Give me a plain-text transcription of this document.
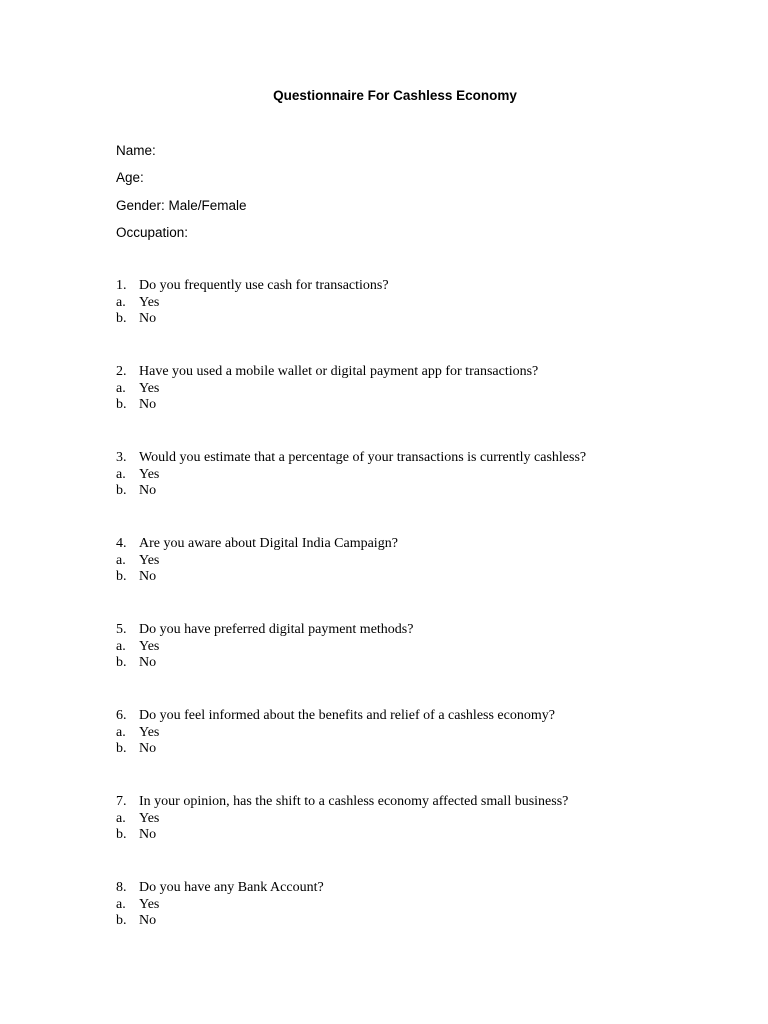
Questionnaire For Cashless Economy
Name:
Age:
Gender: Male/Female
Occupation:
1. Do you frequently use cash for transactions?
a. Yes
b. No
2. Have you used a mobile wallet or digital payment app for transactions?
a. Yes
b. No
3. Would you estimate that a percentage of your transactions is currently cashless?
a. Yes
b. No
4. Are you aware about Digital India Campaign?
a. Yes
b. No
5. Do you have preferred digital payment methods?
a. Yes
b. No
6. Do you feel informed about the benefits and relief of a cashless economy?
a. Yes
b. No
7. In your opinion, has the shift to a cashless economy affected small business?
a. Yes
b. No
8. Do you have any Bank Account?
a. Yes
b. No
